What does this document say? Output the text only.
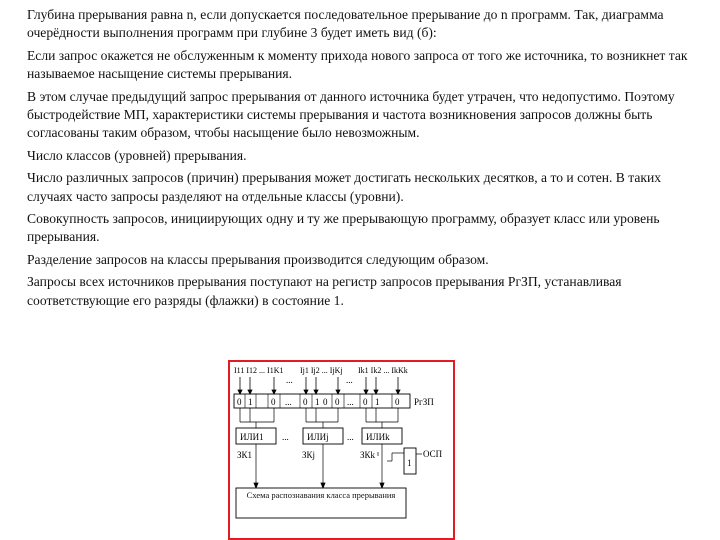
Глубина прерывания равна n, если допускается последовательное прерывание до n программ. Так, диаграмма очерёдности выполнения программ при глубине 3 будет иметь вид (б):

Если запрос окажется не обслуженным к моменту прихода нового запроса от того же источника, то возникнет так называемое насыщение системы прерывания.

В этом случае предыдущий запрос прерывания от данного источника будет утрачен, что недопустимо. Поэтому быстродействие МП, характеристики системы прерывания и частота возникновения запросов должны быть согласованы таким образом, чтобы насыщение было невозможным.

Число классов (уровней) прерывания.

Число различных запросов (причин) прерывания может достигать нескольких десятков, а то и сотен. В таких случаях часто запросы разделяют на отдельные классы (уровни).

Совокупность запросов, инициирующих одну и ту же прерывающую программу, образует класс или уровень прерывания.

Разделение запросов на классы прерывания производится следующим образом.

Запросы всех источников прерывания поступают на регистр запросов прерывания РгЗП, устанавливая соответствующие его разряды (флажки) в состояние 1.

I11 I12 ... I1K1
...
Ij1 Ij2 ... IjKj
...
Ik1 Ik2 ... IkKk
0 1 0 ... 0 1 0 0 ... 0 1 0 РгЗП
ИЛИ1 ... ИЛИj ... ИЛИk
ЗК1	ЗКj	ЗКk
1
ОСП
Схема распознавания класса прерывания
